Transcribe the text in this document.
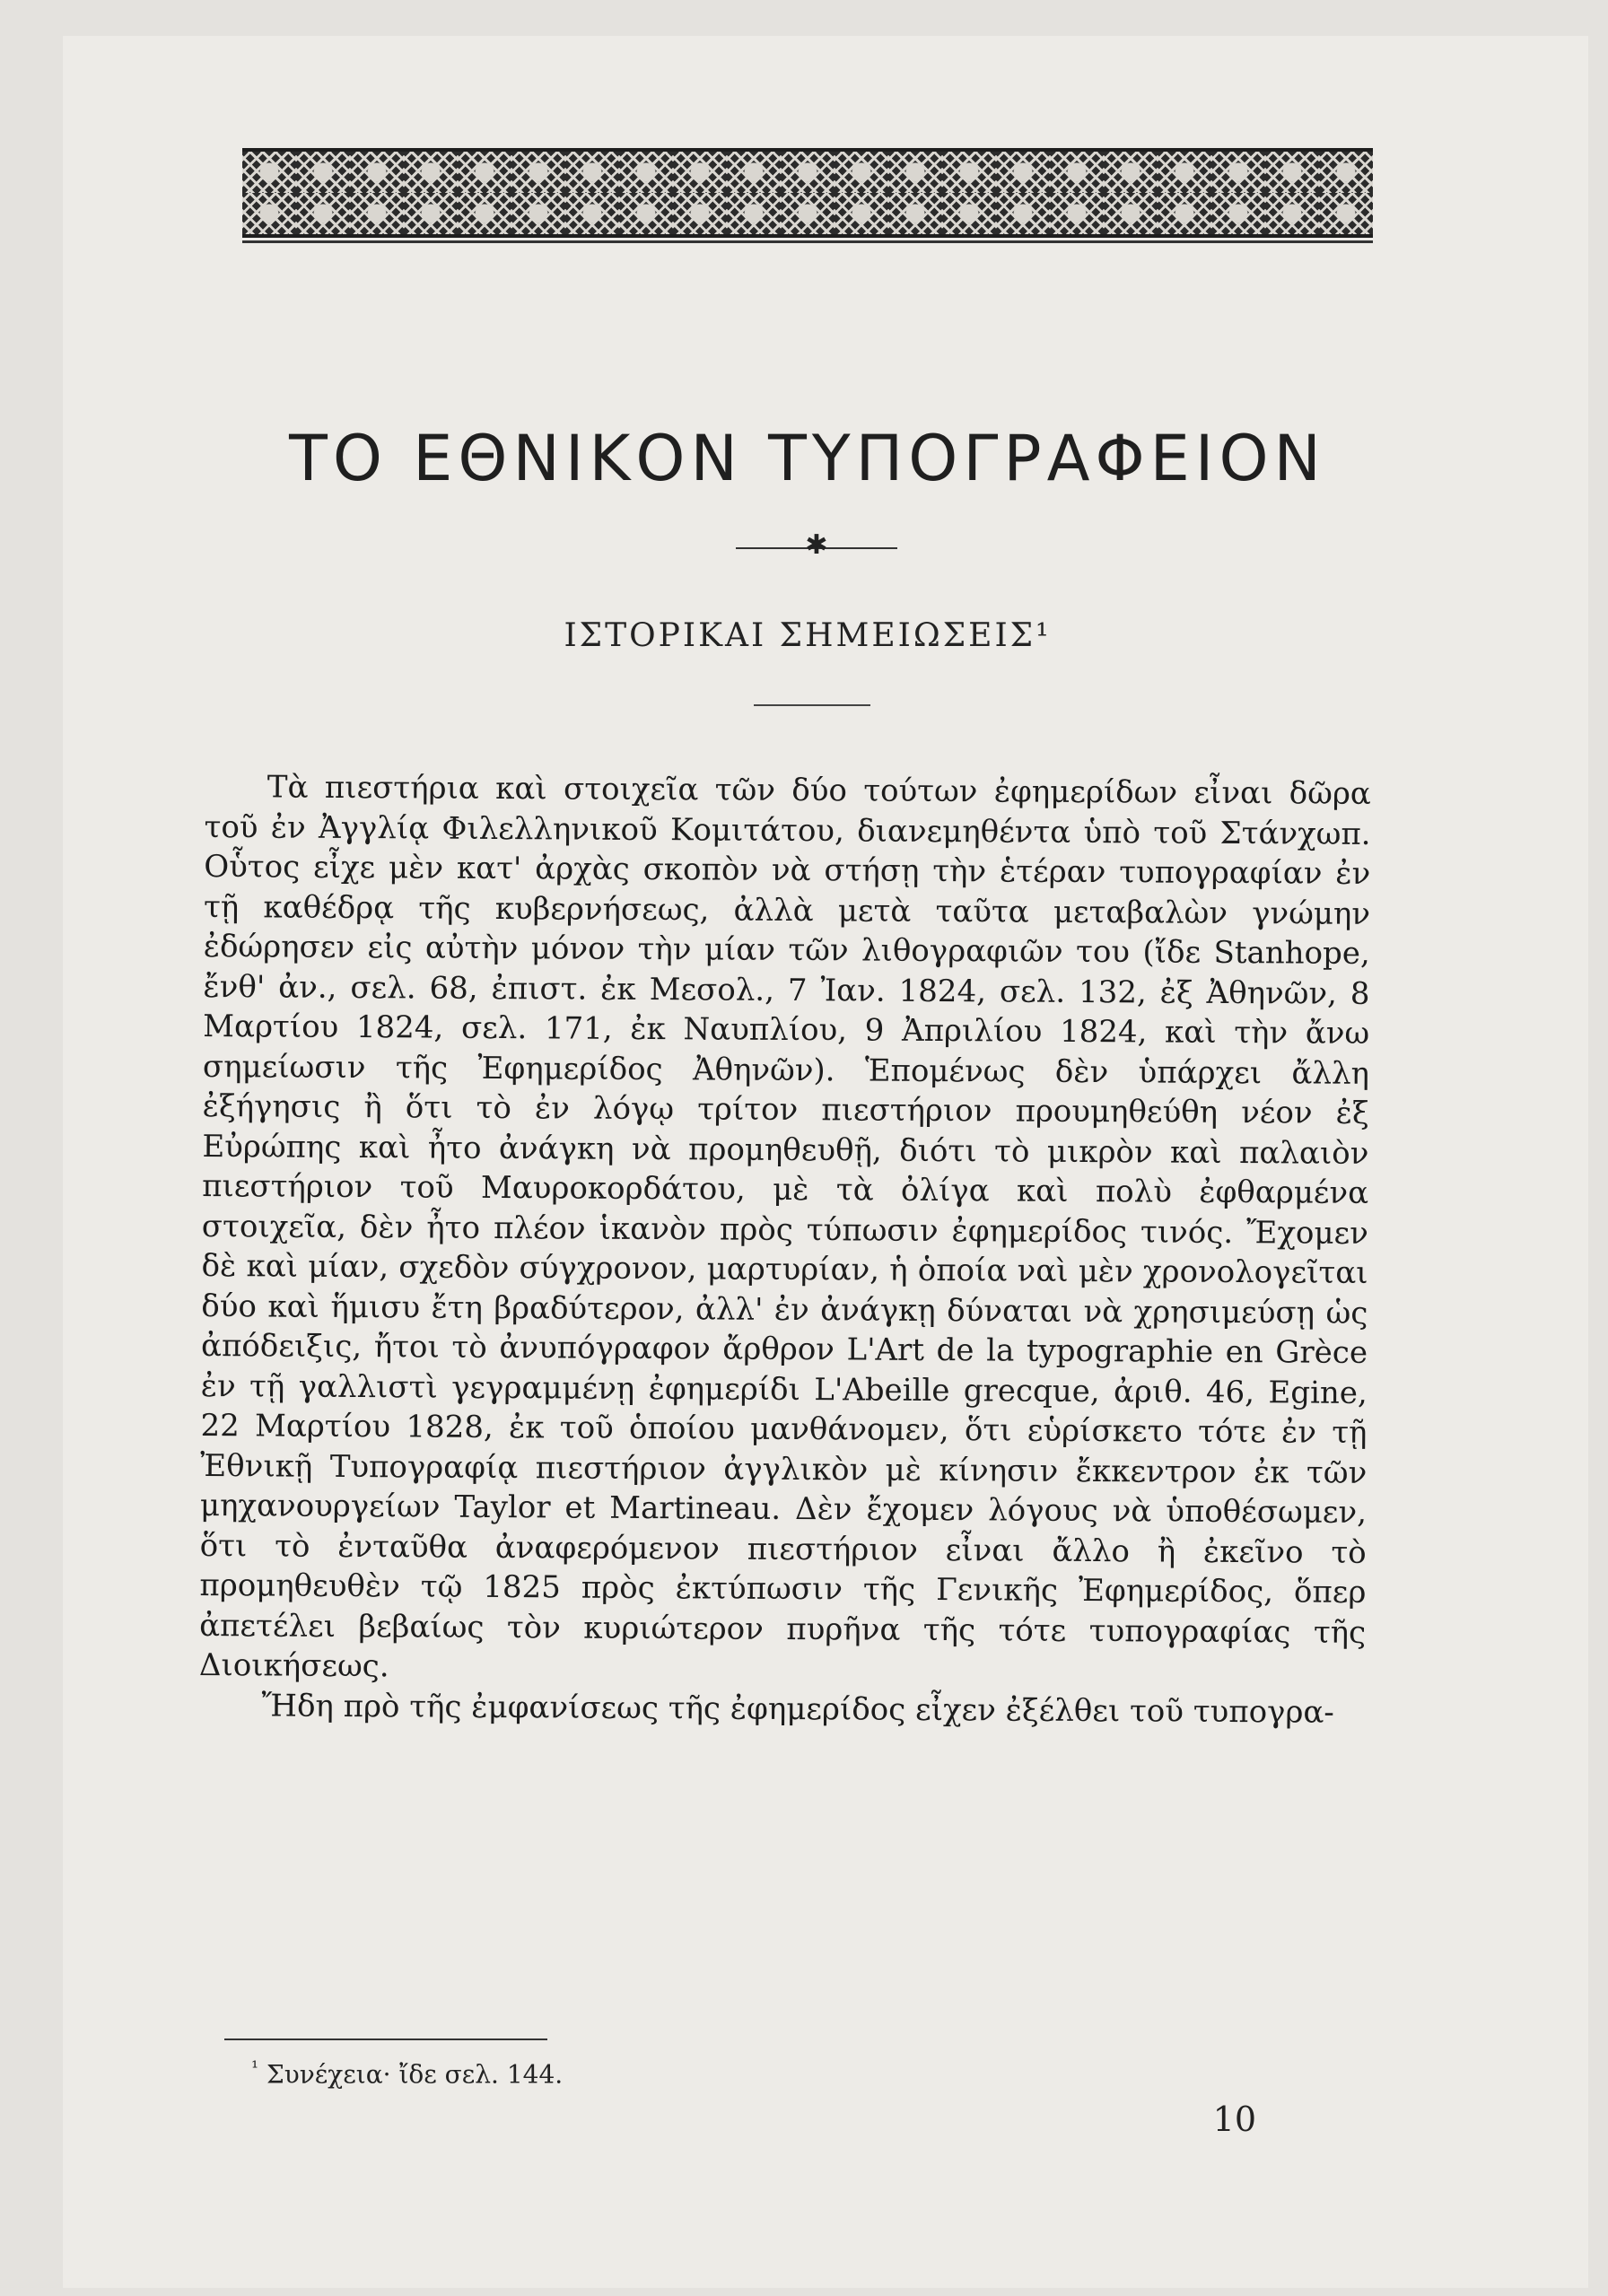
ΤΟ ΕΘΝΙΚΟΝ ΤΥΠΟΓΡΑΦΕΙΟΝ
✱
ΙΣΤΟΡΙΚΑΙ ΣΗΜΕΙΩΣΕΙΣ¹

Τὰ πιεστήρια καὶ στοιχεῖα τῶν δύο τούτων ἐφημερίδων εἶναι δῶρα τοῦ ἐν Ἀγγλίᾳ Φιλελληνικοῦ Κομιτάτου, διανεμηθέντα ὑπὸ τοῦ Στάνχωπ. Οὗτος εἶχε μὲν κατ' ἀρχὰς σκοπὸν νὰ στήσῃ τὴν ἑτέραν τυπογραφίαν ἐν τῇ καθέδρᾳ τῆς κυβερνήσεως, ἀλλὰ μετὰ ταῦτα μεταβαλὼν γνώμην ἐδώρησεν εἰς αὐτὴν μόνον τὴν μίαν τῶν λιθογραφιῶν του (ἴδε Stanhope, ἔνθ' ἀν., σελ. 68, ἐπιστ. ἐκ Μεσολ., 7 Ἰαν. 1824, σελ. 132, ἐξ Ἀθηνῶν, 8 Μαρτίου 1824, σελ. 171, ἐκ Ναυπλίου, 9 Ἀπριλίου 1824, καὶ τὴν ἄνω σημείωσιν τῆς Ἐφημερίδος Ἀθηνῶν). Ἑπομένως δὲν ὑπάρχει ἄλλη ἐξήγησις ἢ ὅτι τὸ ἐν λόγῳ τρίτον πιεστήριον προυμηθεύθη νέον ἐξ Εὐρώπης καὶ ἦτο ἀνάγκη νὰ προμηθευθῇ, διότι τὸ μικρὸν καὶ παλαιὸν πιεστήριον τοῦ Μαυροκορδάτου, μὲ τὰ ὀλίγα καὶ πολὺ ἐφθαρμένα στοιχεῖα, δὲν ἦτο πλέον ἱκανὸν πρὸς τύπωσιν ἐφημερίδος τινός. Ἔχομεν δὲ καὶ μίαν, σχεδὸν σύγχρονον, μαρτυρίαν, ἡ ὁποία ναὶ μὲν χρονολογεῖται δύο καὶ ἥμισυ ἔτη βραδύτερον, ἀλλ' ἐν ἀνάγκῃ δύναται νὰ χρησιμεύσῃ ὡς ἀπόδειξις, ἤτοι τὸ ἀνυπόγραφον ἄρθρον L'Art de la typographie en Grèce ἐν τῇ γαλλιστὶ γεγραμμένῃ ἐφημερίδι L'Abeille grecque, ἀριθ. 46, Egine, 22 Μαρτίου 1828, ἐκ τοῦ ὁποίου μανθάνομεν, ὅτι εὑρίσκετο τότε ἐν τῇ Ἐθνικῇ Τυπογραφίᾳ πιεστήριον ἀγγλικὸν μὲ κίνησιν ἔκκεντρον ἐκ τῶν μηχανουργείων Taylor et Martineau. Δὲν ἔχομεν λόγους νὰ ὑποθέσωμεν, ὅτι τὸ ἐνταῦθα ἀναφερόμενον πιεστήριον εἶναι ἄλλο ἢ ἐκεῖνο τὸ προμηθευθὲν τῷ 1825 πρὸς ἐκτύπωσιν τῆς Γενικῆς Ἐφημερίδος, ὅπερ ἀπετέλει βεβαίως τὸν κυριώτερον πυρῆνα τῆς τότε τυπογραφίας τῆς Διοικήσεως.

Ἤδη πρὸ τῆς ἐμφανίσεως τῆς ἐφημερίδος εἶχεν ἐξέλθει τοῦ τυπογρα-

$^{^1}$ Συνέχεια· ἴδε σελ. 144.
10
